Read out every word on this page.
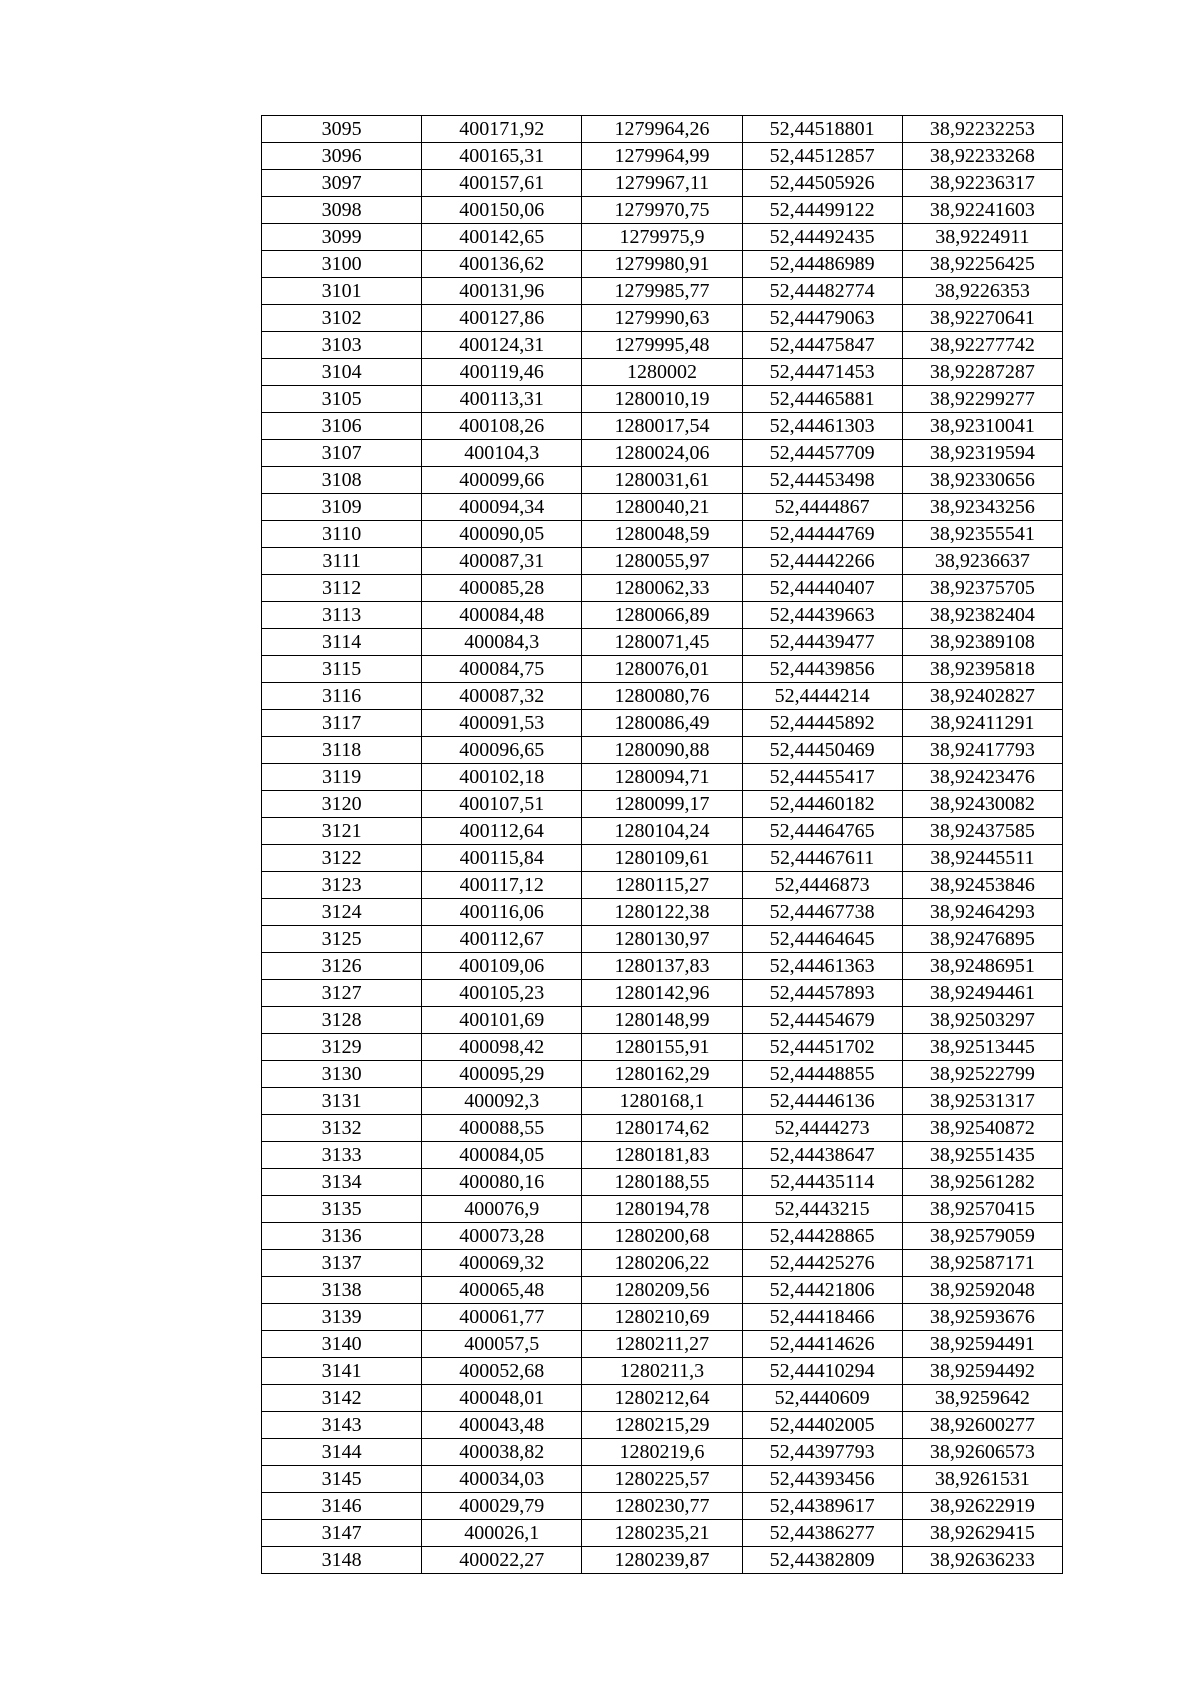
3095	400171,92	1279964,26	52,44518801	38,92232253
3096	400165,31	1279964,99	52,44512857	38,92233268
3097	400157,61	1279967,11	52,44505926	38,92236317
3098	400150,06	1279970,75	52,44499122	38,92241603
3099	400142,65	1279975,9	52,44492435	38,9224911
3100	400136,62	1279980,91	52,44486989	38,92256425
3101	400131,96	1279985,77	52,44482774	38,9226353
3102	400127,86	1279990,63	52,44479063	38,92270641
3103	400124,31	1279995,48	52,44475847	38,92277742
3104	400119,46	1280002	52,44471453	38,92287287
3105	400113,31	1280010,19	52,44465881	38,92299277
3106	400108,26	1280017,54	52,44461303	38,92310041
3107	400104,3	1280024,06	52,44457709	38,92319594
3108	400099,66	1280031,61	52,44453498	38,92330656
3109	400094,34	1280040,21	52,4444867	38,92343256
3110	400090,05	1280048,59	52,44444769	38,92355541
3111	400087,31	1280055,97	52,44442266	38,9236637
3112	400085,28	1280062,33	52,44440407	38,92375705
3113	400084,48	1280066,89	52,44439663	38,92382404
3114	400084,3	1280071,45	52,44439477	38,92389108
3115	400084,75	1280076,01	52,44439856	38,92395818
3116	400087,32	1280080,76	52,4444214	38,92402827
3117	400091,53	1280086,49	52,44445892	38,92411291
3118	400096,65	1280090,88	52,44450469	38,92417793
3119	400102,18	1280094,71	52,44455417	38,92423476
3120	400107,51	1280099,17	52,44460182	38,92430082
3121	400112,64	1280104,24	52,44464765	38,92437585
3122	400115,84	1280109,61	52,44467611	38,92445511
3123	400117,12	1280115,27	52,4446873	38,92453846
3124	400116,06	1280122,38	52,44467738	38,92464293
3125	400112,67	1280130,97	52,44464645	38,92476895
3126	400109,06	1280137,83	52,44461363	38,92486951
3127	400105,23	1280142,96	52,44457893	38,92494461
3128	400101,69	1280148,99	52,44454679	38,92503297
3129	400098,42	1280155,91	52,44451702	38,92513445
3130	400095,29	1280162,29	52,44448855	38,92522799
3131	400092,3	1280168,1	52,44446136	38,92531317
3132	400088,55	1280174,62	52,4444273	38,92540872
3133	400084,05	1280181,83	52,44438647	38,92551435
3134	400080,16	1280188,55	52,44435114	38,92561282
3135	400076,9	1280194,78	52,4443215	38,92570415
3136	400073,28	1280200,68	52,44428865	38,92579059
3137	400069,32	1280206,22	52,44425276	38,92587171
3138	400065,48	1280209,56	52,44421806	38,92592048
3139	400061,77	1280210,69	52,44418466	38,92593676
3140	400057,5	1280211,27	52,44414626	38,92594491
3141	400052,68	1280211,3	52,44410294	38,92594492
3142	400048,01	1280212,64	52,4440609	38,9259642
3143	400043,48	1280215,29	52,44402005	38,92600277
3144	400038,82	1280219,6	52,44397793	38,92606573
3145	400034,03	1280225,57	52,44393456	38,9261531
3146	400029,79	1280230,77	52,44389617	38,92622919
3147	400026,1	1280235,21	52,44386277	38,92629415
3148	400022,27	1280239,87	52,44382809	38,92636233
